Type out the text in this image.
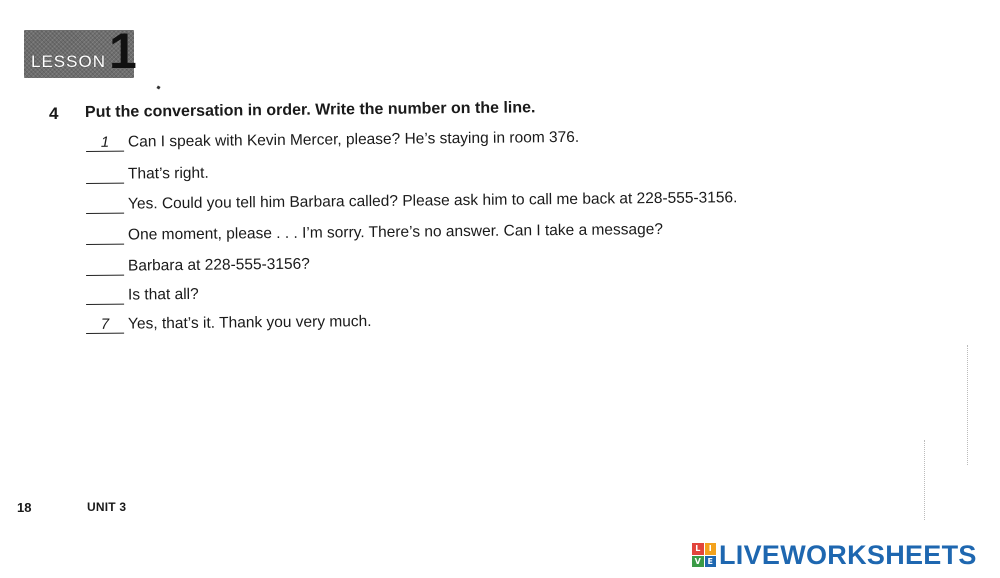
LESSON 1
4 Put the conversation in order. Write the number on the line.
1	Can I speak with Kevin Mercer, please? He’s staying in room 376.
That’s right.
Yes. Could you tell him Barbara called? Please ask him to call me back at 228-555-3156.
One moment, please . . . I’m sorry. There’s no answer. Can I take a message?
Barbara at 228-555-3156?
Is that all?
7	Yes, that’s it. Thank you very much.
18	UNIT 3
L	I
V E LIVEWORKSHEETS
